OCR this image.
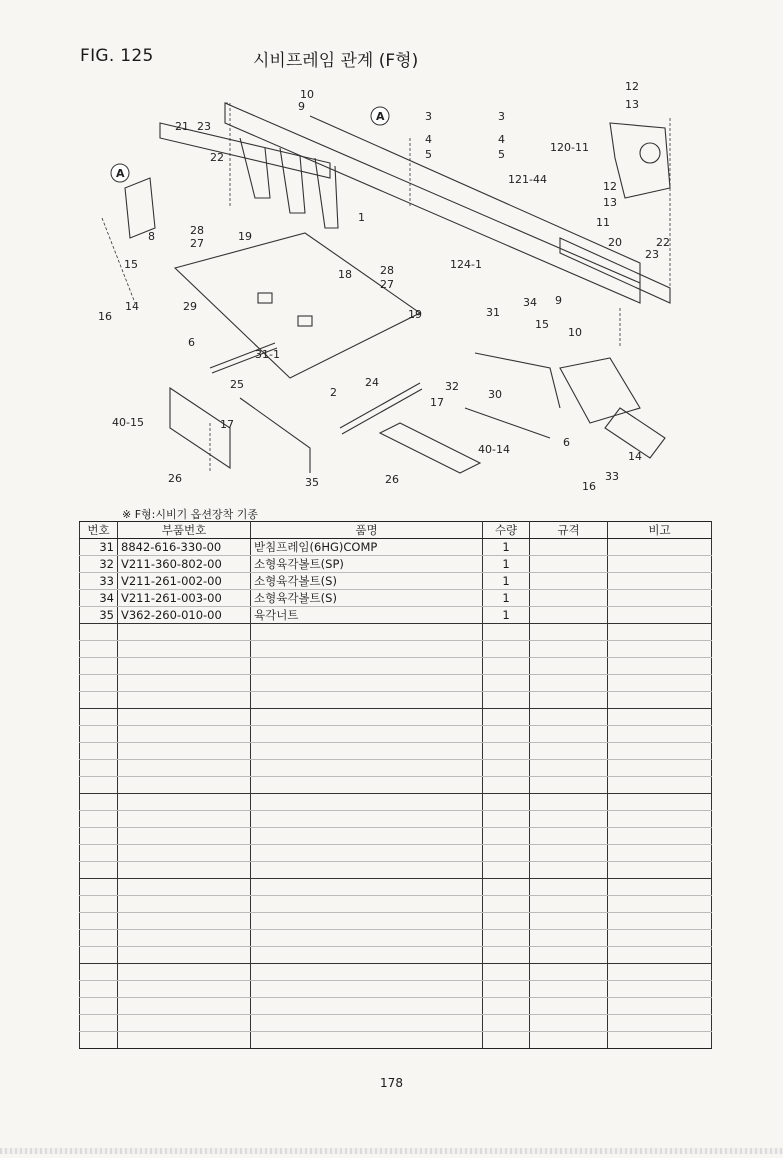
FIG. 125	시비프레임 관계 (F형)
10
9
3
4
5
3
4
5
121-44
120-11
12
13
12
13
11
21 23
22
28
27
19
8
15
1
18	28
27
124-1
20	22
23
14
16
29
6
19	31
34
15
9
10
31-1
25	24	32
30
2
17
17
40-15
40-14
6
14
33
16
26	35	26
A
A
※ F형:시비기 옵션장착 기종
번호	부품번호	품명	수량	규격	비고
31	8842-616-330-00	받침프레임(6HG)COMP	1		
32	V211-360-802-00	소형육각볼트(SP)	1		
33	V211-261-002-00	소형육각볼트(S)	1		
34	V211-261-003-00	소형육각볼트(S)	1		
35	V362-260-010-00	육각너트	1		

178
